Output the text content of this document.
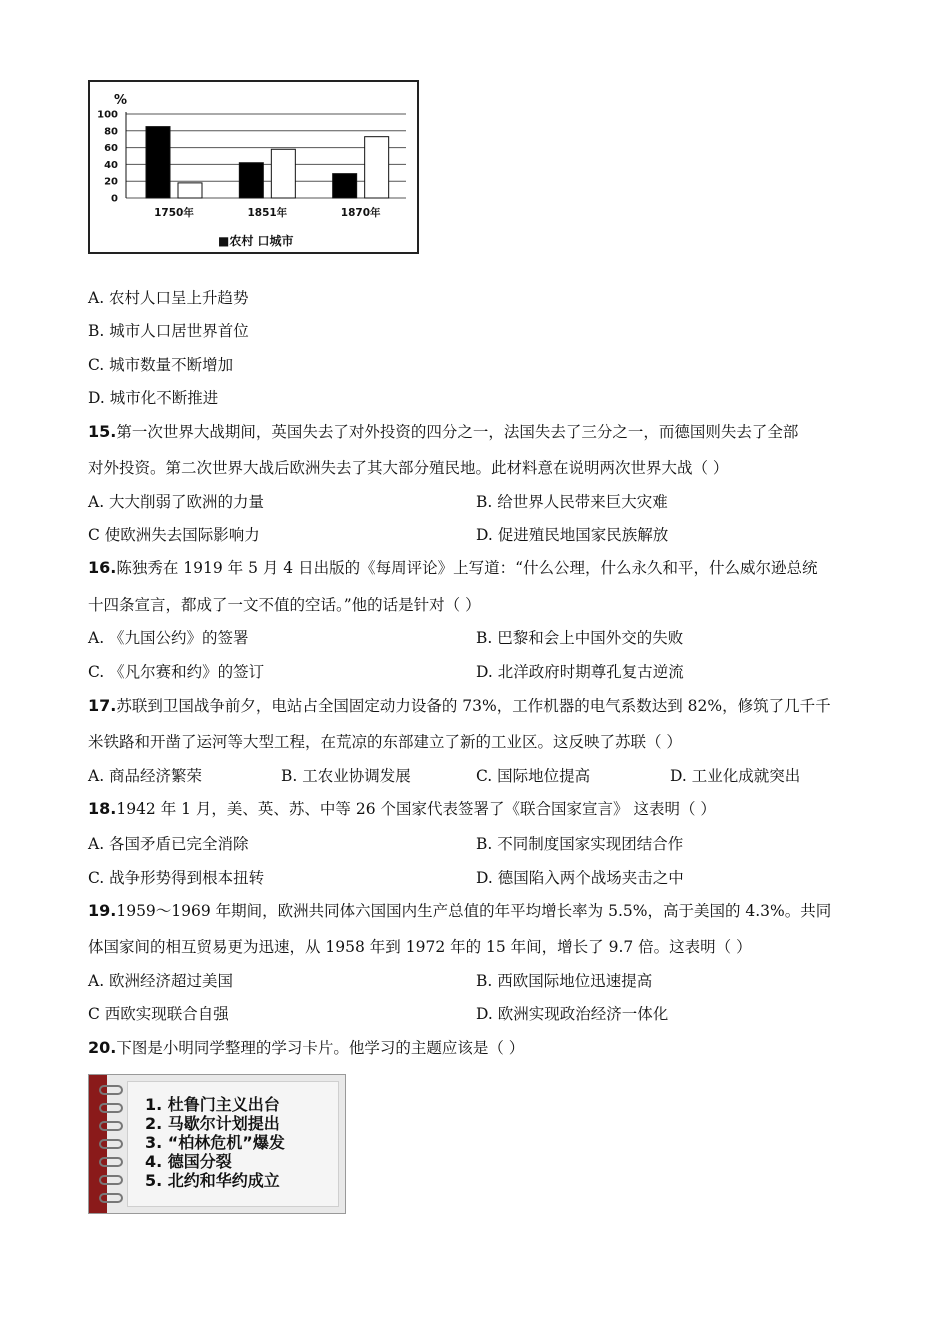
100
80
60
40
20
0
%
1750年	1851年	1870年
■农村 口城市
A. 农村人口呈上升趋势
B. 城市人口居世界首位
C. 城市数量不断增加
D. 城市化不断推进
15.第一次世界大战期间，英国失去了对外投资的四分之一，法国失去了三分之一，而德国则失去了全部
对外投资。第二次世界大战后欧洲失去了其大部分殖民地。此材料意在说明两次世界大战（ ）
A. 大大削弱了欧洲的力量	B. 给世界人民带来巨大灾难
C 使欧洲失去国际影响力	D. 促进殖民地国家民族解放
16.陈独秀在 1919 年 5 月 4 日出版的《每周评论》上写道：“什么公理，什么永久和平，什么威尔逊总统
十四条宣言，都成了一文不值的空话。”他的话是针对（ ）
A. 《九国公约》的签署	B. 巴黎和会上中国外交的失败
C. 《凡尔赛和约》的签订	D. 北洋政府时期尊孔复古逆流
17.苏联到卫国战争前夕，电站占全国固定动力设备的 73%，工作机器的电气系数达到 82%，修筑了几千千
米铁路和开凿了运河等大型工程，在荒凉的东部建立了新的工业区。这反映了苏联（ ）
A. 商品经济繁荣	B. 工农业协调发展	C. 国际地位提高	D. 工业化成就突出
18.1942 年 1 月，美、英、苏、中等 26 个国家代表签署了《联合国家宣言》 这表明（ ）
A. 各国矛盾已完全消除	B. 不同制度国家实现团结合作
C. 战争形势得到根本扭转	D. 德国陷入两个战场夹击之中
19.1959～1969 年期间，欧洲共同体六国国内生产总值的年平均增长率为 5.5%，高于美国的 4.3%。共同
体国家间的相互贸易更为迅速，从 1958 年到 1972 年的 15 年间，增长了 9.7 倍。这表明（ ）
A. 欧洲经济超过美国	B. 西欧国际地位迅速提高
C 西欧实现联合自强	D. 欧洲实现政治经济一体化
20.下图是小明同学整理的学习卡片。他学习的主题应该是（ ）
1. 杜鲁门主义出台
2. 马歇尔计划提出
3. “柏林危机”爆发
4. 德国分裂
5. 北约和华约成立
